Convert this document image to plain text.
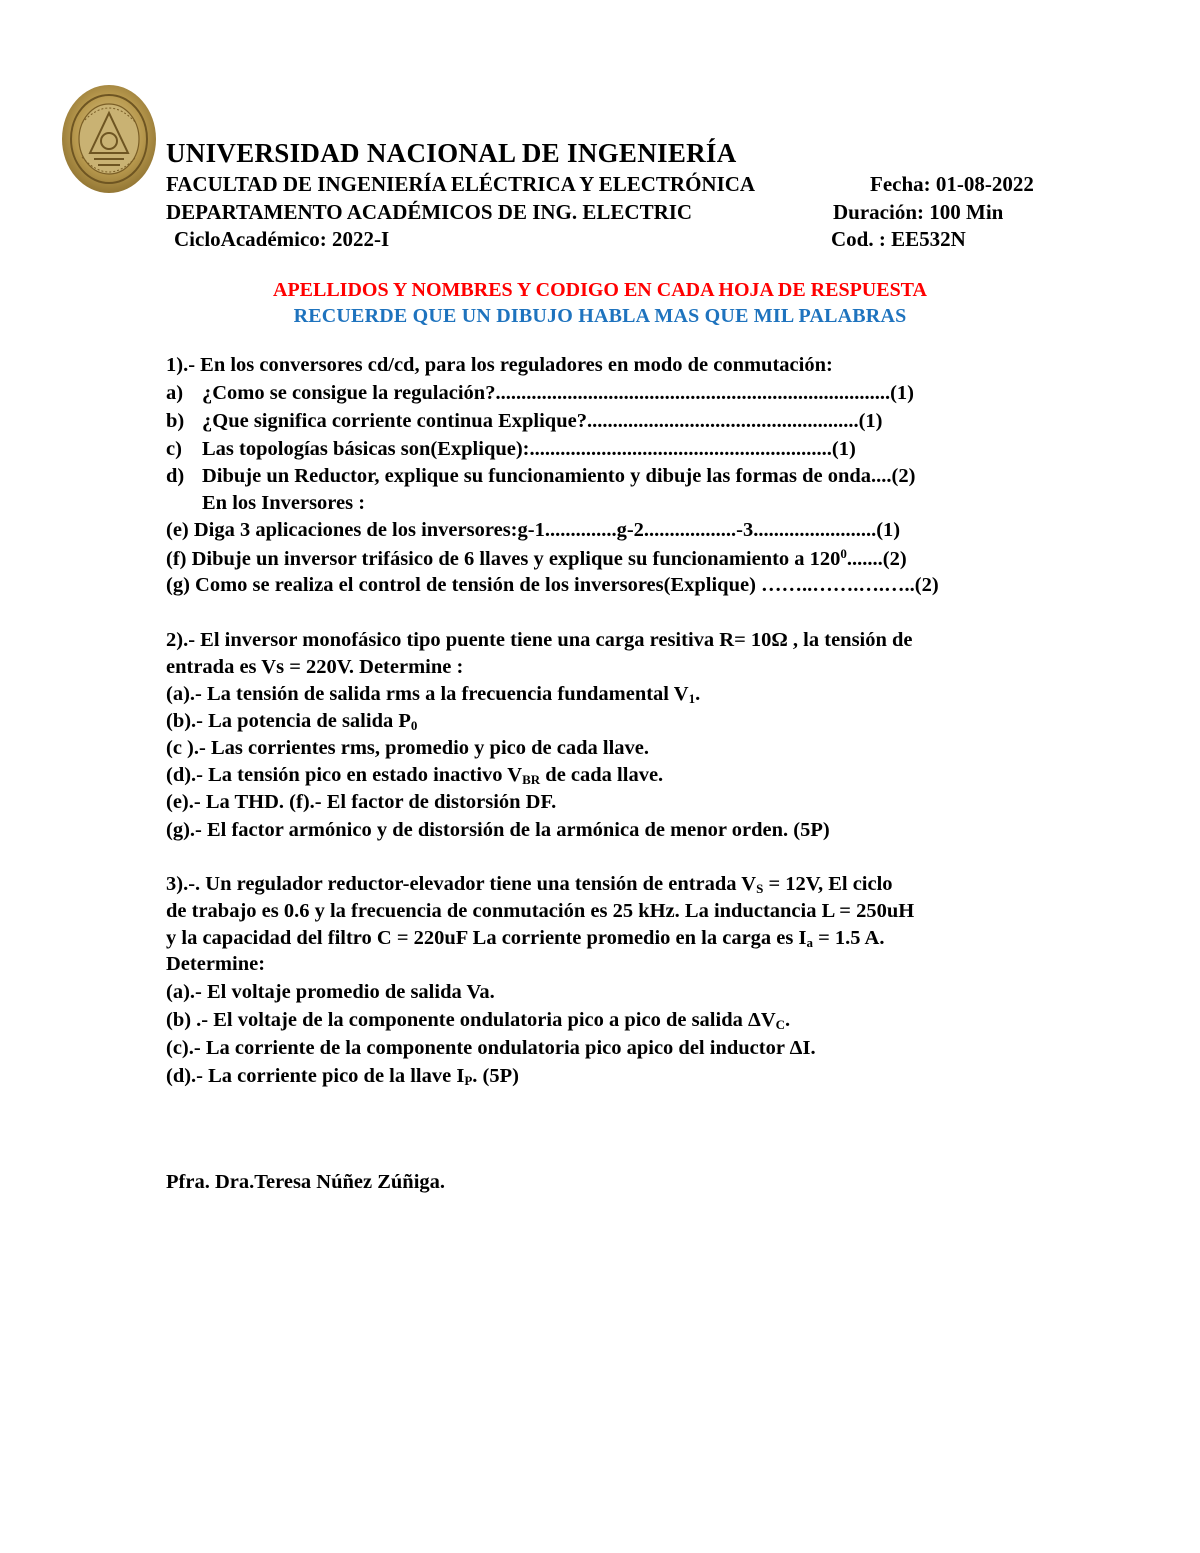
UNIVERSIDAD NACIONAL DE INGENIERÍA
FACULTAD DE INGENIERÍA ELÉCTRICA Y ELECTRÓNICA
DEPARTAMENTO ACADÉMICOS DE ING. ELECTRIC
CicloAcadémico: 2022-I
Fecha: 01-08-2022
Duración: 100 Min
Cod. : EE532N
APELLIDOS Y NOMBRES Y CODIGO EN CADA HOJA DE RESPUESTA
RECUERDE QUE UN DIBUJO HABLA MAS QUE MIL PALABRAS
1).- En los conversores cd/cd, para los reguladores en modo de conmutación:
a) ¿Como se consigue la regulación?.............................................................................(1)
b) ¿Que significa corriente continua Explique?.....................................................(1)
c) Las topologías básicas son(Explique):...........................................................(1)
d) Dibuje un Reductor, explique su funcionamiento y dibuje las formas de onda....(2)
En los Inversores :
(e) Diga 3 aplicaciones de los inversores:g-1..............g-2..................-3........................(1)
(f) Dibuje un inversor trifásico de 6 llaves y explique su funcionamiento a $120^0.......(2)$
(g) Como se realiza el control de tensión de los inversores(Explique) ……..…….….…..(2)
2).- El inversor monofásico tipo puente tiene una carga resitiva R= 10Ω , la tensión de
entrada es Vs = 220V. Determine :
(a).- La tensión de salida rms a la frecuencia fundamental $V_1$.
(b).- La potencia de salida $P_0$
(c ).- Las corrientes rms, promedio y pico de cada llave.
(d).- La tensión pico en estado inactivo $V_{BR}$ de cada llave.
(e).- La THD. (f).- El factor de distorsión DF.
(g).- El factor armónico y de distorsión de la armónica de menor orden. (5P)
3).-. Un regulador reductor-elevador tiene una tensión de entrada $V_S = 12V$, El ciclo
de trabajo es 0.6 y la frecuencia de conmutación es 25 kHz. La inductancia L = 250uH
y la capacidad del filtro C = 220uF La corriente promedio en la carga es $I_a = 1.5$ A.
Determine:
(a).- El voltaje promedio de salida Va.
(b) .- El voltaje de la componente ondulatoria pico a pico de salida $\Delta V_C$.
(c).- La corriente de la componente ondulatoria pico apico del inductor ΔI.
(d).- La corriente pico de la llave $I_P$. (5P)
Pfra. Dra.Teresa Núñez Zúñiga.
